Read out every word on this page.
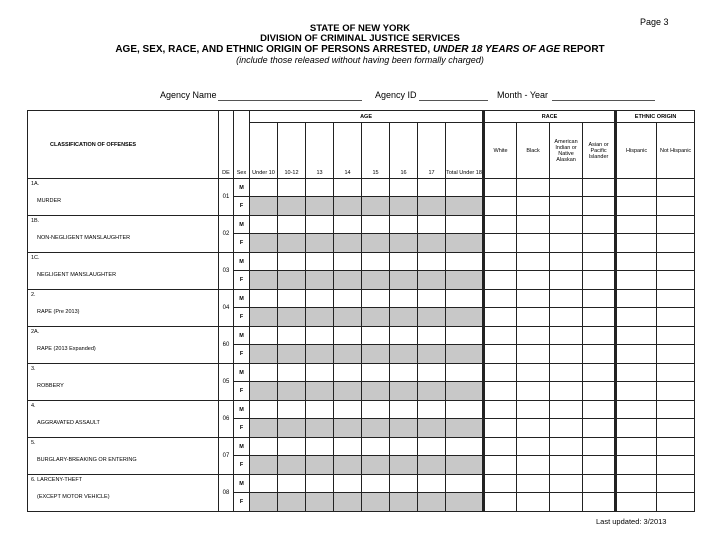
Page 3
STATE OF NEW YORK
DIVISION OF CRIMINAL JUSTICE SERVICES
AGE, SEX, RACE, AND ETHNIC ORIGIN OF PERSONS ARRESTED, UNDER 18 YEARS OF AGE REPORT
(include those released without having been formally charged)
Agency Name	Agency ID	Month - Year
CLASSIFICATION OF OFFENSES	DE	Sex	AGE								RACE				ETHNIC ORIGIN	
			Under 10	10-12	13	14	15	16	17	Total Under 18	White	Black	American Indian or Native Alaskan	Asian or Pacific Islander	Hispanic	Not Hispanic

1A.
MURDER	01	M														
		F														

1B.
NON-NEGLIGENT MANSLAUGHTER	02	M														
		F														

1C.
NEGLIGENT MANSLAUGHTER	03	M														
		F														

2.
RAPE (Pre 2013)	04	M														
		F														

2A.
RAPE (2013 Expanded)	60	M														
		F														

3.
ROBBERY	05	M														
		F														

4.
AGGRAVATED ASSAULT	06	M														
		F														

5.
BURGLARY-BREAKING OR ENTERING	07	M														
		F														

6. LARCENY-THEFT
(EXCEPT MOTOR VEHICLE)	08	M														
		F														
Last updated: 3/2013
